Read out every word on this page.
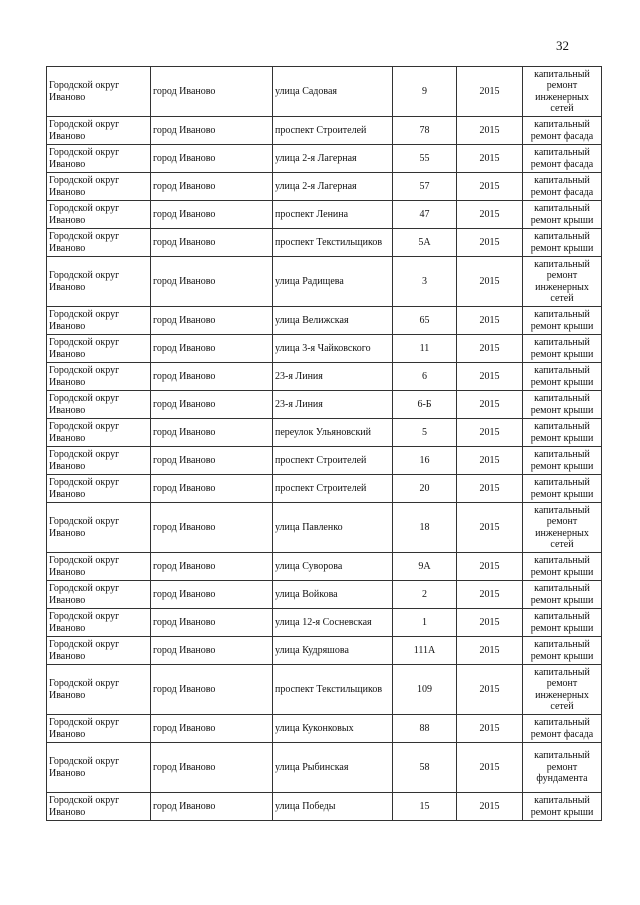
32
Городской округ Иваново	город Иваново	улица Садовая	9	2015	капитальный ремонт инженерных сетей
Городской округ Иваново	город Иваново	проспект Строителей	78	2015	капитальный ремонт фасада
Городской округ Иваново	город Иваново	улица 2-я Лагерная	55	2015	капитальный ремонт фасада
Городской округ Иваново	город Иваново	улица 2-я Лагерная	57	2015	капитальный ремонт фасада
Городской округ Иваново	город Иваново	проспект Ленина	47	2015	капитальный ремонт крыши
Городской округ Иваново	город Иваново	проспект Текстильщиков	5А	2015	капитальный ремонт крыши
Городской округ Иваново	город Иваново	улица Радищева	3	2015	капитальный ремонт инженерных сетей
Городской округ Иваново	город Иваново	улица Велижская	65	2015	капитальный ремонт крыши
Городской округ Иваново	город Иваново	улица 3-я Чайковского	11	2015	капитальный ремонт крыши
Городской округ Иваново	город Иваново	23-я Линия	6	2015	капитальный ремонт крыши
Городской округ Иваново	город Иваново	23-я Линия	6-Б	2015	капитальный ремонт крыши
Городской округ Иваново	город Иваново	переулок Ульяновский	5	2015	капитальный ремонт крыши
Городской округ Иваново	город Иваново	проспект Строителей	16	2015	капитальный ремонт крыши
Городской округ Иваново	город Иваново	проспект Строителей	20	2015	капитальный ремонт крыши
Городской округ Иваново	город Иваново	улица Павленко	18	2015	капитальный ремонт инженерных сетей
Городской округ Иваново	город Иваново	улица Суворова	9А	2015	капитальный ремонт крыши
Городской округ Иваново	город Иваново	улица Войкова	2	2015	капитальный ремонт крыши
Городской округ Иваново	город Иваново	улица 12-я Сосневская	1	2015	капитальный ремонт крыши
Городской округ Иваново	город Иваново	улица Кудряшова	111А	2015	капитальный ремонт крыши
Городской округ Иваново	город Иваново	проспект Текстильщиков	109	2015	капитальный ремонт инженерных сетей
Городской округ Иваново	город Иваново	улица Куконковых	88	2015	капитальный ремонт фасада
Городской округ Иваново	город Иваново	улица Рыбинская	58	2015	капитальный ремонт фундамента
Городской округ Иваново	город Иваново	улица Победы	15	2015	капитальный ремонт крыши
